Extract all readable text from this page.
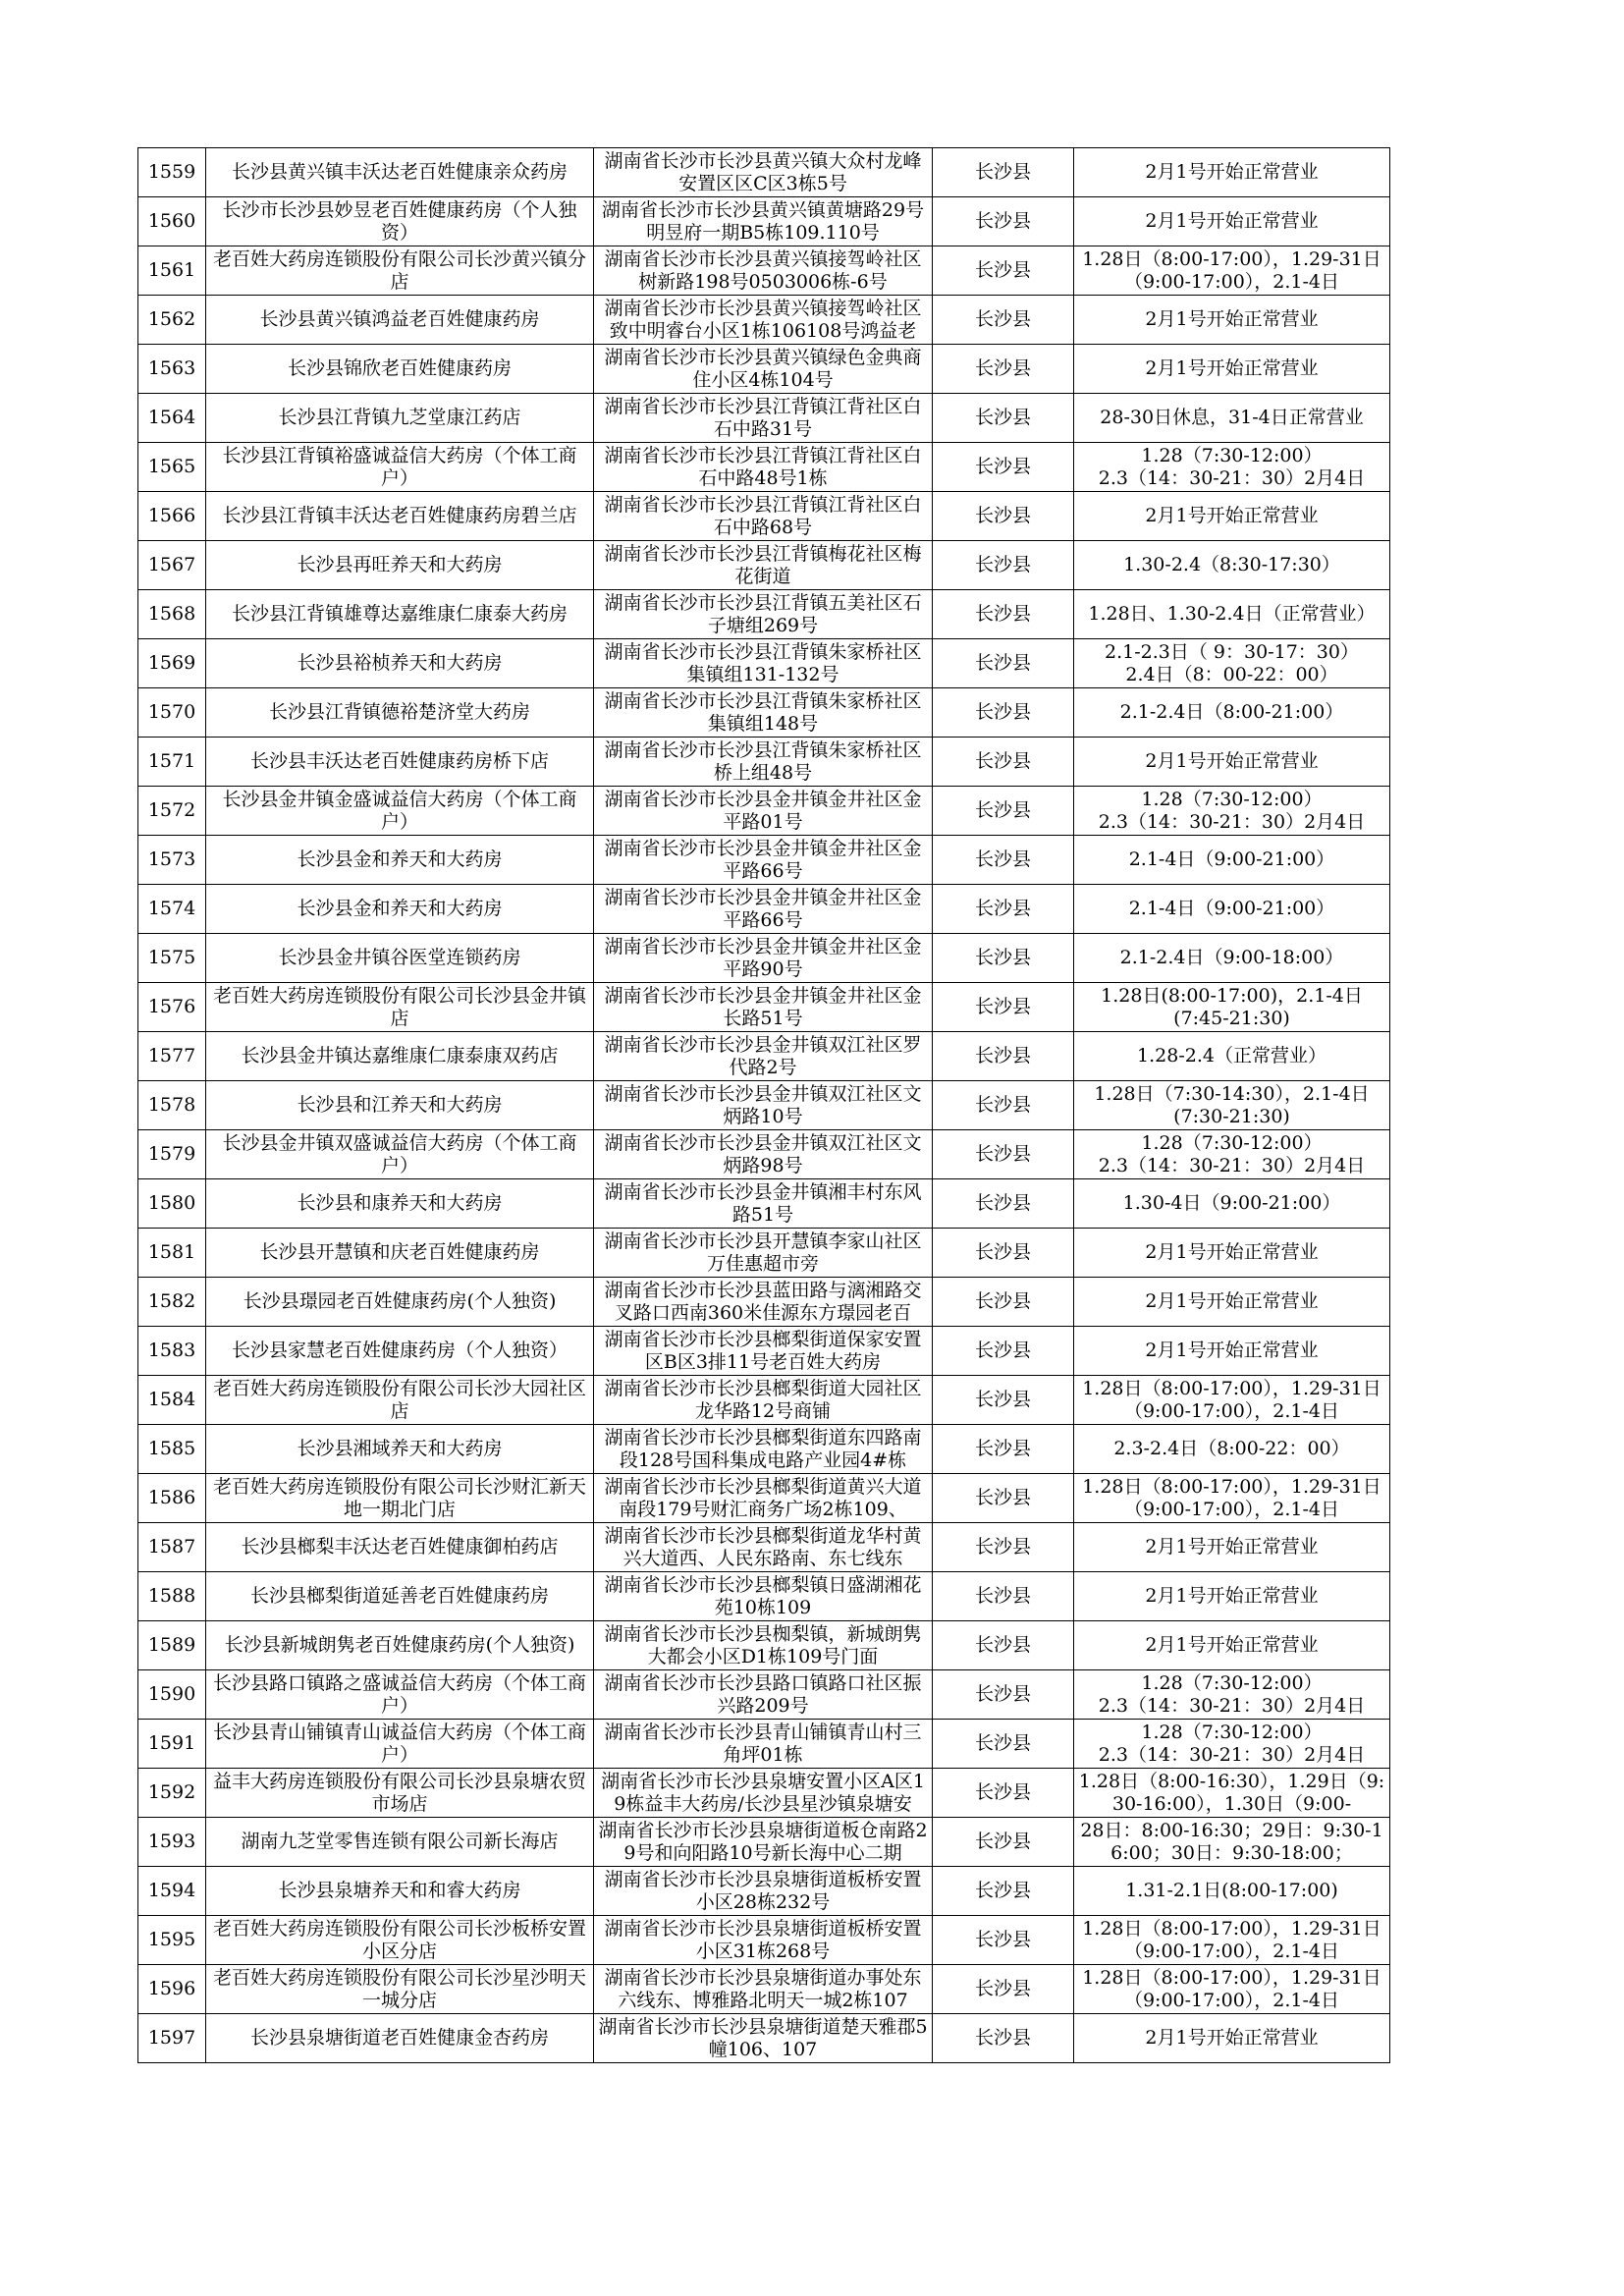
1559	长沙县黄兴镇丰沃达老百姓健康亲众药房	湖南省长沙市长沙县黄兴镇大众村龙峰安置区区C区3栋5号	长沙县	2月1号开始正常营业

1560	长沙市长沙县妙昱老百姓健康药房（个人独资）	湖南省长沙市长沙县黄兴镇黄塘路29号明昱府一期B5栋109.110号	长沙县	2月1号开始正常营业

1561	老百姓大药房连锁股份有限公司长沙黄兴镇分店	湖南省长沙市长沙县黄兴镇接驾岭社区树新路198号0503006栋-6号	长沙县	1.28日（8:00-17:00），1.29-31日（9:00-17:00），2.1-4日

1562	长沙县黄兴镇鸿益老百姓健康药房	湖南省长沙市长沙县黄兴镇接驾岭社区致中明睿台小区1栋106108号鸿益老	长沙县	2月1号开始正常营业

1563	长沙县锦欣老百姓健康药房	湖南省长沙市长沙县黄兴镇绿色金典商住小区4栋104号	长沙县	2月1号开始正常营业

1564	长沙县江背镇九芝堂康江药店	湖南省长沙市长沙县江背镇江背社区白石中路31号	长沙县	28-30日休息，31-4日正常营业

1565	长沙县江背镇裕盛诚益信大药房（个体工商户）	湖南省长沙市长沙县江背镇江背社区白石中路48号1栋	长沙县	1.28（7:30-12:00）
2.3（14：30-21：30）2月4日

1566	长沙县江背镇丰沃达老百姓健康药房碧兰店	湖南省长沙市长沙县江背镇江背社区白石中路68号	长沙县	2月1号开始正常营业

1567	长沙县再旺养天和大药房	湖南省长沙市长沙县江背镇梅花社区梅花街道	长沙县	1.30-2.4（8:30-17:30）

1568	长沙县江背镇雄尊达嘉维康仁康泰大药房	湖南省长沙市长沙县江背镇五美社区石子塘组269号	长沙县	1.28日、1.30-2.4日（正常营业）

1569	长沙县裕桢养天和大药房	湖南省长沙市长沙县江背镇朱家桥社区集镇组131-132号	长沙县	2.1-2.3日（ 9：30-17：30）
2.4日（8：00-22：00）

1570	长沙县江背镇德裕楚济堂大药房	湖南省长沙市长沙县江背镇朱家桥社区集镇组148号	长沙县	2.1-2.4日（8:00-21:00）

1571	长沙县丰沃达老百姓健康药房桥下店	湖南省长沙市长沙县江背镇朱家桥社区桥上组48号	长沙县	2月1号开始正常营业

1572	长沙县金井镇金盛诚益信大药房（个体工商户）	湖南省长沙市长沙县金井镇金井社区金平路01号	长沙县	1.28（7:30-12:00）
2.3（14：30-21：30）2月4日

1573	长沙县金和养天和大药房	湖南省长沙市长沙县金井镇金井社区金平路66号	长沙县	2.1-4日（9:00-21:00）

1574	长沙县金和养天和大药房	湖南省长沙市长沙县金井镇金井社区金平路66号	长沙县	2.1-4日（9:00-21:00）

1575	长沙县金井镇谷医堂连锁药房	湖南省长沙市长沙县金井镇金井社区金平路90号	长沙县	2.1-2.4日（9:00-18:00）

1576	老百姓大药房连锁股份有限公司长沙县金井镇店	湖南省长沙市长沙县金井镇金井社区金长路51号	长沙县	1.28日(8:00-17:00)，2.1-4日
(7:45-21:30)

1577	长沙县金井镇达嘉维康仁康泰康双药店	湖南省长沙市长沙县金井镇双江社区罗代路2号	长沙县	1.28-2.4（正常营业）

1578	长沙县和江养天和大药房	湖南省长沙市长沙县金井镇双江社区文炳路10号	长沙县	1.28日（7:30-14:30），2.1-4日
(7:30-21:30)

1579	长沙县金井镇双盛诚益信大药房（个体工商户）	湖南省长沙市长沙县金井镇双江社区文炳路98号	长沙县	1.28（7:30-12:00）
2.3（14：30-21：30）2月4日

1580	长沙县和康养天和大药房	湖南省长沙市长沙县金井镇湘丰村东风路51号	长沙县	1.30-4日（9:00-21:00）

1581	长沙县开慧镇和庆老百姓健康药房	湖南省长沙市长沙县开慧镇李家山社区万佳惠超市旁	长沙县	2月1号开始正常营业

1582	长沙县璟园老百姓健康药房(个人独资)	湖南省长沙市长沙县蓝田路与漓湘路交叉路口西南360米佳源东方璟园老百	长沙县	2月1号开始正常营业

1583	长沙县家慧老百姓健康药房（个人独资）	湖南省长沙市长沙县榔梨街道保家安置区B区3排11号老百姓大药房	长沙县	2月1号开始正常营业

1584	老百姓大药房连锁股份有限公司长沙大园社区店	湖南省长沙市长沙县榔梨街道大园社区龙华路12号商铺	长沙县	1.28日（8:00-17:00），1.29-31日（9:00-17:00），2.1-4日

1585	长沙县湘域养天和大药房	湖南省长沙市长沙县榔梨街道东四路南段128号国科集成电路产业园4#栋	长沙县	2.3-2.4日（8:00-22：00）

1586	老百姓大药房连锁股份有限公司长沙财汇新天地一期北门店	湖南省长沙市长沙县榔梨街道黄兴大道南段179号财汇商务广场2栋109、	长沙县	1.28日（8:00-17:00），1.29-31日（9:00-17:00），2.1-4日

1587	长沙县榔梨丰沃达老百姓健康御柏药店	湖南省长沙市长沙县榔梨街道龙华村黄兴大道西、人民东路南、东七线东	长沙县	2月1号开始正常营业

1588	长沙县榔梨街道延善老百姓健康药房	湖南省长沙市长沙县榔梨镇日盛湖湘花苑10栋109	长沙县	2月1号开始正常营业

1589	长沙县新城朗隽老百姓健康药房(个人独资)	湖南省长沙市长沙县椥梨镇，新城朗隽大都会小区D1栋109号门面	长沙县	2月1号开始正常营业

1590	长沙县路口镇路之盛诚益信大药房（个体工商户）	湖南省长沙市长沙县路口镇路口社区振兴路209号	长沙县	1.28（7:30-12:00）
2.3（14：30-21：30）2月4日

1591	长沙县青山铺镇青山诚益信大药房（个体工商户）	湖南省长沙市长沙县青山铺镇青山村三角坪01栋	长沙县	1.28（7:30-12:00）
2.3（14：30-21：30）2月4日

1592	益丰大药房连锁股份有限公司长沙县泉塘农贸市场店	湖南省长沙市长沙县泉塘安置小区A区19栋益丰大药房/长沙县星沙镇泉塘安	长沙县	1.28日（8:00-16:30），1.29日（9:30-16:00），1.30日（9:00-

1593	湖南九芝堂零售连锁有限公司新长海店	湖南省长沙市长沙县泉塘街道板仓南路29号和向阳路10号新长海中心二期	长沙县	28日：8:00-16:30；29日：9:30-16:00；30日：9:30-18:00；

1594	长沙县泉塘养天和和睿大药房	湖南省长沙市长沙县泉塘街道板桥安置小区28栋232号	长沙县	1.31-2.1日(8:00-17:00)

1595	老百姓大药房连锁股份有限公司长沙板桥安置小区分店	湖南省长沙市长沙县泉塘街道板桥安置小区31栋268号	长沙县	1.28日（8:00-17:00），1.29-31日（9:00-17:00），2.1-4日

1596	老百姓大药房连锁股份有限公司长沙星沙明天一城分店	湖南省长沙市长沙县泉塘街道办事处东六线东、博雅路北明天一城2栋107	长沙县	1.28日（8:00-17:00），1.29-31日（9:00-17:00），2.1-4日

1597	长沙县泉塘街道老百姓健康金杏药房	湖南省长沙市长沙县泉塘街道楚天雅郡5幢106、107	长沙县	2月1号开始正常营业
